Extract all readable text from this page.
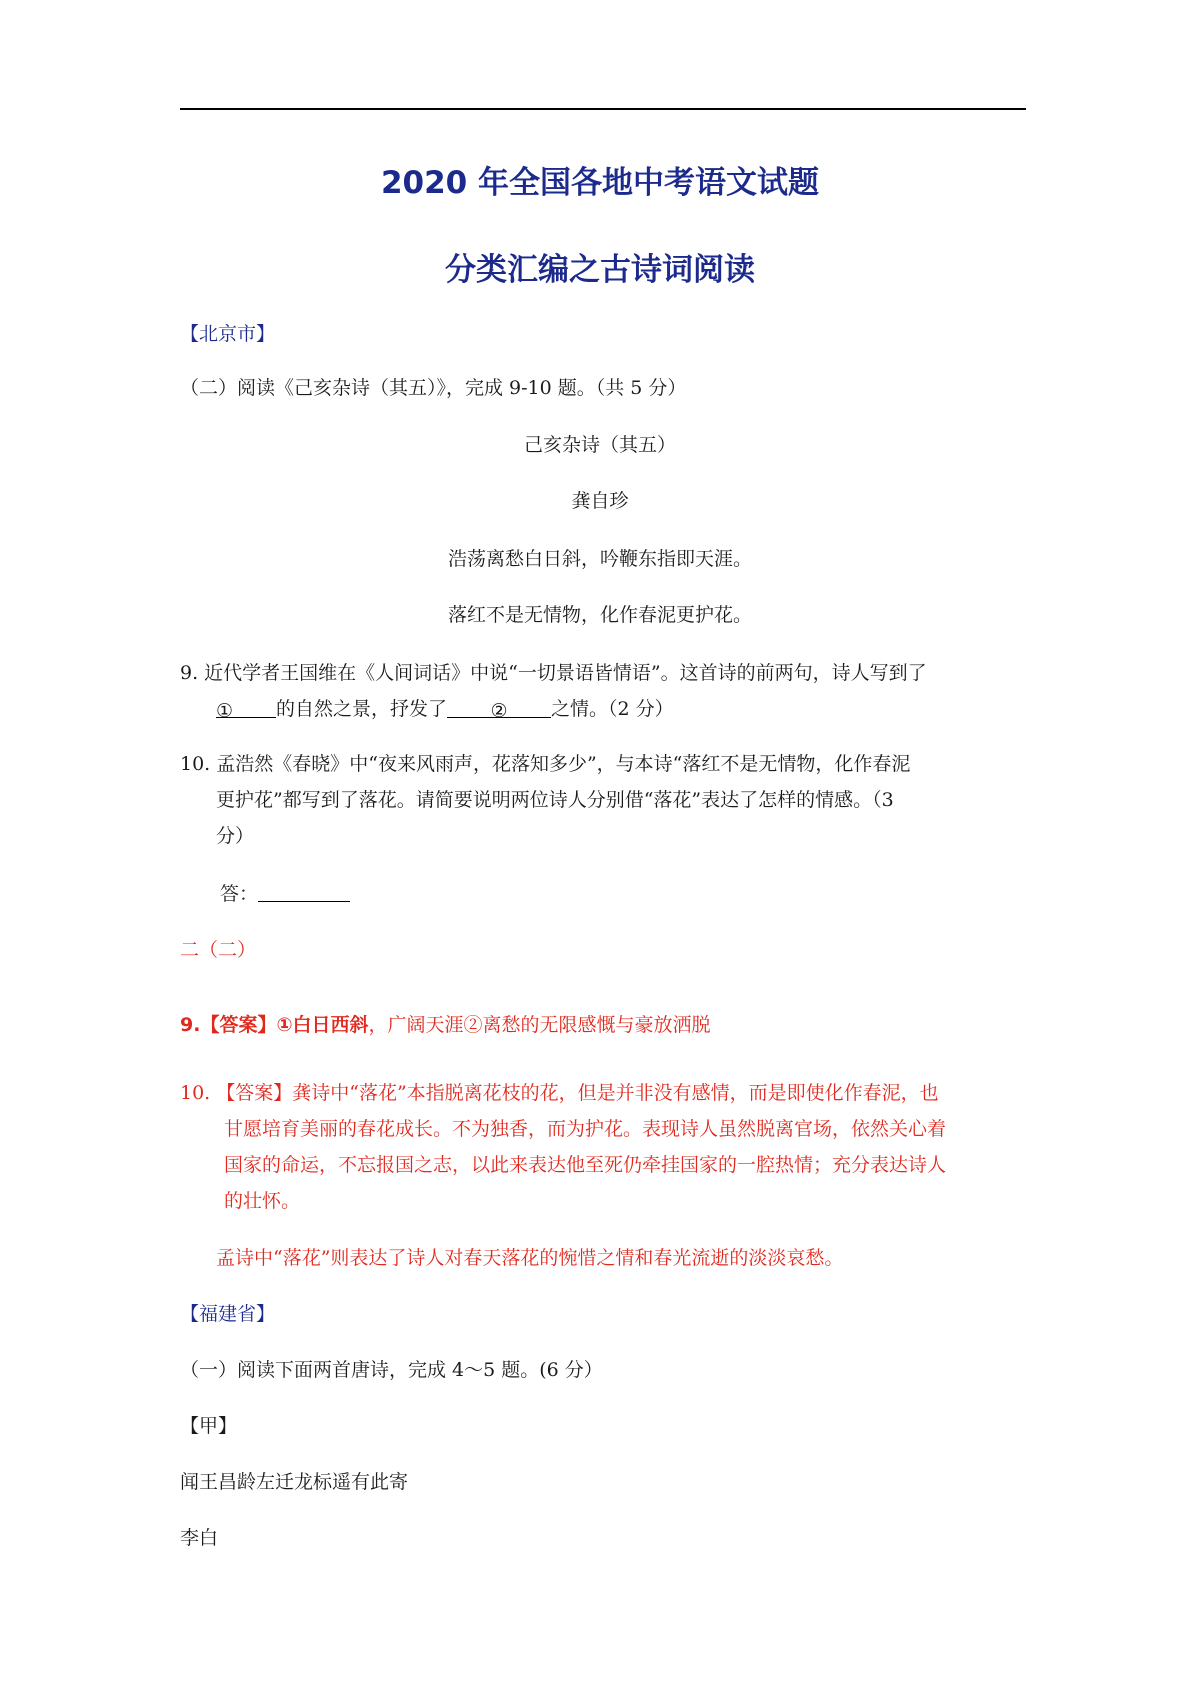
2020 年全国各地中考语文试题
分类汇编之古诗词阅读
【北京市】
（二）阅读《己亥杂诗（其五）》，完成 9-10 题。（共 5 分）
己亥杂诗（其五）
龚自珍
浩荡离愁白日斜，吟鞭东指即天涯。
落红不是无情物，化作春泥更护花。
9. 近代学者王国维在《人间词话》中说“一切景语皆情语”。这首诗的前两句，诗人写到了
① 的自然之景，抒发了 ② 之情。（2 分）
10. 孟浩然《春晓》中“夜来风雨声，花落知多少”，与本诗“落红不是无情物，化作春泥
更护花”都写到了落花。请简要说明两位诗人分别借“落花”表达了怎样的情感。（3
分）
答：
二（二）
9.【答案】①白日西斜，广阔天涯②离愁的无限感慨与豪放洒脱
10. 【答案】龚诗中“落花”本指脱离花枝的花，但是并非没有感情，而是即使化作春泥，也
甘愿培育美丽的春花成长。不为独香，而为护花。表现诗人虽然脱离官场，依然关心着
国家的命运，不忘报国之志，以此来表达他至死仍牵挂国家的一腔热情；充分表达诗人
的壮怀。
孟诗中“落花”则表达了诗人对春天落花的惋惜之情和春光流逝的淡淡哀愁。
【福建省】
（一）阅读下面两首唐诗，完成 4～5 题。(6 分）
【甲】
闻王昌龄左迁龙标遥有此寄
李白
